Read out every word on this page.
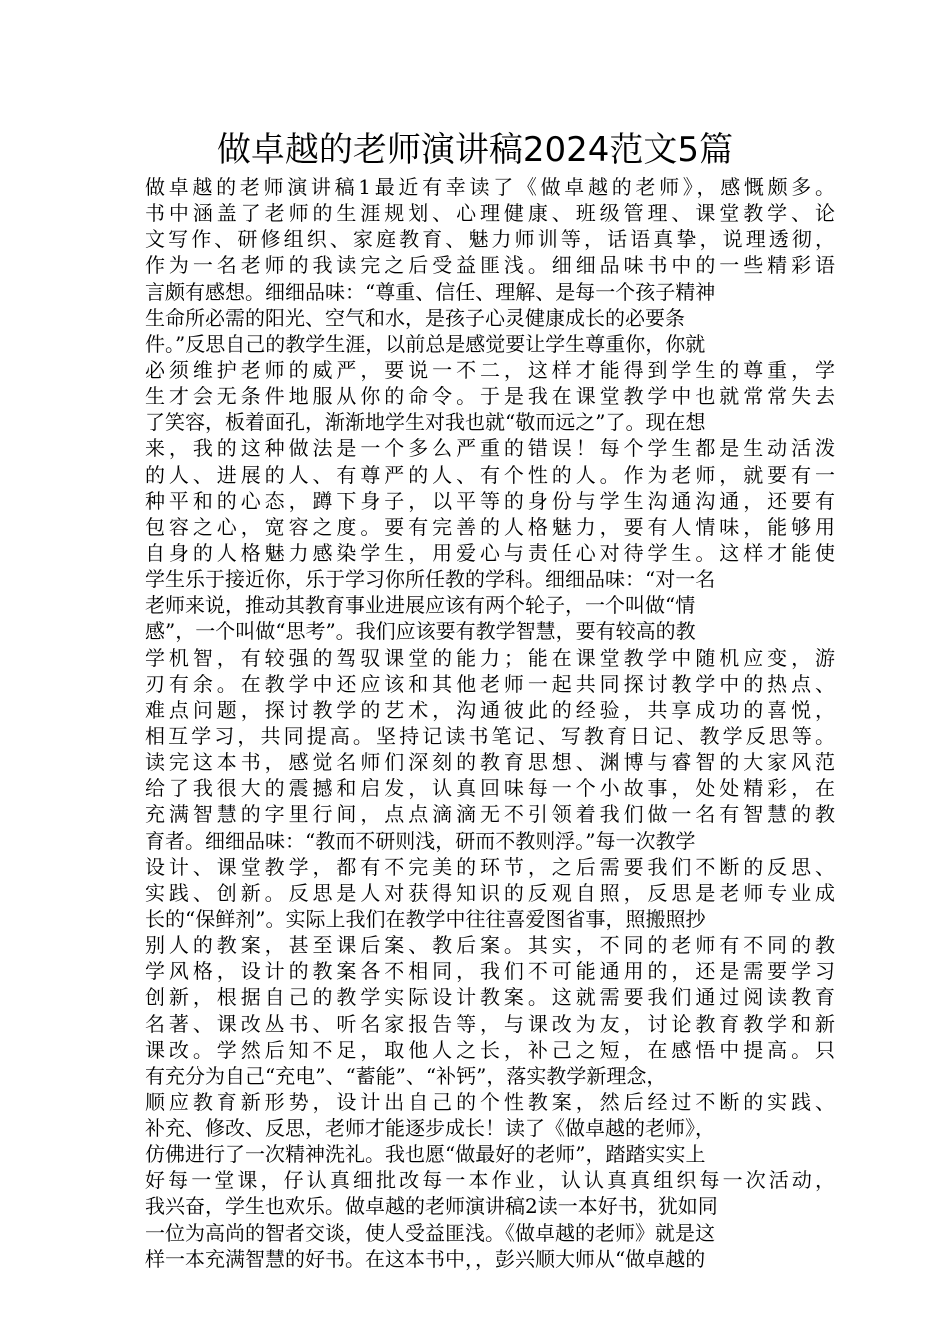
做卓越的老师演讲稿2024范文5篇
做卓越的老师演讲稿1最近有幸读了《做卓越的老师》，感慨颇多。
书中涵盖了老师的生涯规划、心理健康、班级管理、课堂教学、论
文写作、研修组织、家庭教育、魅力师训等，话语真挚，说理透彻，
作为一名老师的我读完之后受益匪浅。细细品味书中的一些精彩语
言颇有感想。细细品味：“尊重、信任、理解、是每一个孩子精神
生命所必需的阳光、空气和水，是孩子心灵健康成长的必要条
件。”反思自己的教学生涯，以前总是感觉要让学生尊重你，你就
必须维护老师的威严，要说一不二，这样才能得到学生的尊重，学
生才会无条件地服从你的命令。于是我在课堂教学中也就常常失去
了笑容，板着面孔，渐渐地学生对我也就“敬而远之”了。现在想
来，我的这种做法是一个多么严重的错误！每个学生都是生动活泼
的人、进展的人、有尊严的人、有个性的人。作为老师，就要有一
种平和的心态，蹲下身子，以平等的身份与学生沟通沟通，还要有
包容之心，宽容之度。要有完善的人格魅力，要有人情味，能够用
自身的人格魅力感染学生，用爱心与责任心对待学生。这样才能使
学生乐于接近你，乐于学习你所任教的学科。细细品味：“对一名
老师来说，推动其教育事业进展应该有两个轮子，一个叫做“情
感”，一个叫做“思考”。我们应该要有教学智慧，要有较高的教
学机智，有较强的驾驭课堂的能力；能在课堂教学中随机应变，游
刃有余。在教学中还应该和其他老师一起共同探讨教学中的热点、
难点问题，探讨教学的艺术，沟通彼此的经验，共享成功的喜悦，
相互学习，共同提高。坚持记读书笔记、写教育日记、教学反思等。
读完这本书，感觉名师们深刻的教育思想、渊博与睿智的大家风范
给了我很大的震撼和启发，认真回味每一个小故事，处处精彩，在
充满智慧的字里行间，点点滴滴无不引领着我们做一名有智慧的教
育者。细细品味：“教而不研则浅，研而不教则浮。”每一次教学
设计、课堂教学，都有不完美的环节，之后需要我们不断的反思、
实践、创新。反思是人对获得知识的反观自照，反思是老师专业成
长的“保鲜剂”。实际上我们在教学中往往喜爱图省事，照搬照抄
别人的教案，甚至课后案、教后案。其实，不同的老师有不同的教
学风格，设计的教案各不相同，我们不可能通用的，还是需要学习
创新，根据自己的教学实际设计教案。这就需要我们通过阅读教育
名著、课改丛书、听名家报告等，与课改为友，讨论教育教学和新
课改。学然后知不足，取他人之长，补己之短，在感悟中提高。只
有充分为自己“充电”、“蓄能”、“补钙”，落实教学新理念，
顺应教育新形势，设计出自己的个性教案，然后经过不断的实践、
补充、修改、反思，老师才能逐步成长！读了《做卓越的老师》，
仿佛进行了一次精神洗礼。我也愿“做最好的老师”，踏踏实实上
好每一堂课，仔认真细批改每一本作业，认认真真组织每一次活动，
我兴奋，学生也欢乐。做卓越的老师演讲稿2读一本好书，犹如同
一位为高尚的智者交谈，使人受益匪浅。《做卓越的老师》就是这
样一本充满智慧的好书。在这本书中，，彭兴顺大师从“做卓越的
